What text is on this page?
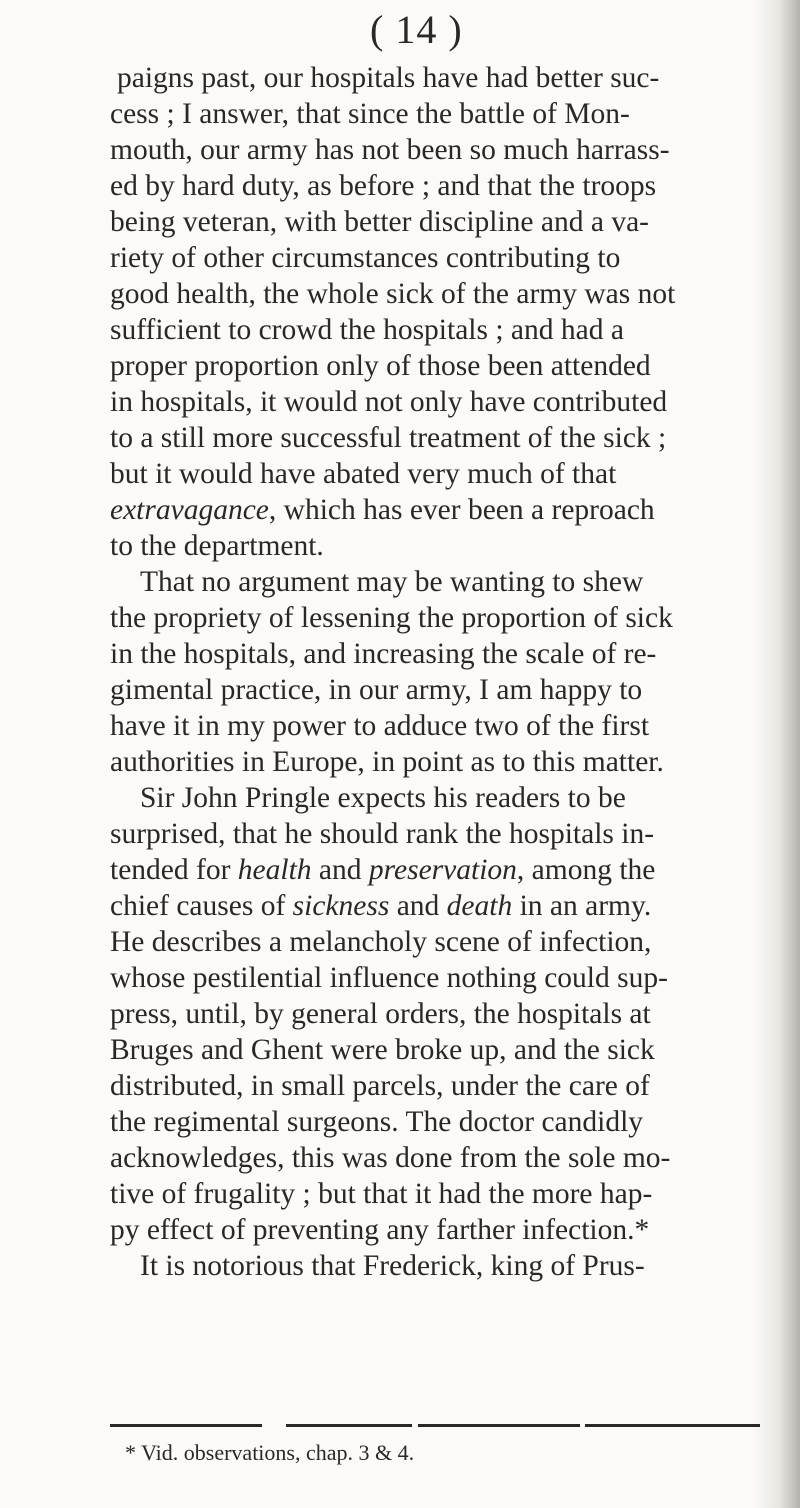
( 14 )
paigns past, our hospitals have had better suc-
cess ; I answer, that since the battle of Mon-
mouth, our army has not been so much harrass-
ed by hard duty, as before ; and that the troops
being veteran, with better discipline and a va-
riety of other circumstances contributing to
good health, the whole sick of the army was not
sufficient to crowd the hospitals ; and had a
proper proportion only of those been attended
in hospitals, it would not only have contributed
to a still more successful treatment of the sick ;
but it would have abated very much of that
extravagance, which has ever been a reproach
to the department.
That no argument may be wanting to shew
the propriety of lessening the proportion of sick
in the hospitals, and increasing the scale of re-
gimental practice, in our army, I am happy to
have it in my power to adduce two of the first
authorities in Europe, in point as to this matter.
Sir John Pringle expects his readers to be
surprised, that he should rank the hospitals in-
tended for health and preservation, among the
chief causes of sickness and death in an army.
He describes a melancholy scene of infection,
whose pestilential influence nothing could sup-
press, until, by general orders, the hospitals at
Bruges and Ghent were broke up, and the sick
distributed, in small parcels, under the care of
the regimental surgeons. The doctor candidly
acknowledges, this was done from the sole mo-
tive of frugality ; but that it had the more hap-
py effect of preventing any farther infection.*
It is notorious that Frederick, king of Prus-
* Vid. observations, chap. 3 & 4.
